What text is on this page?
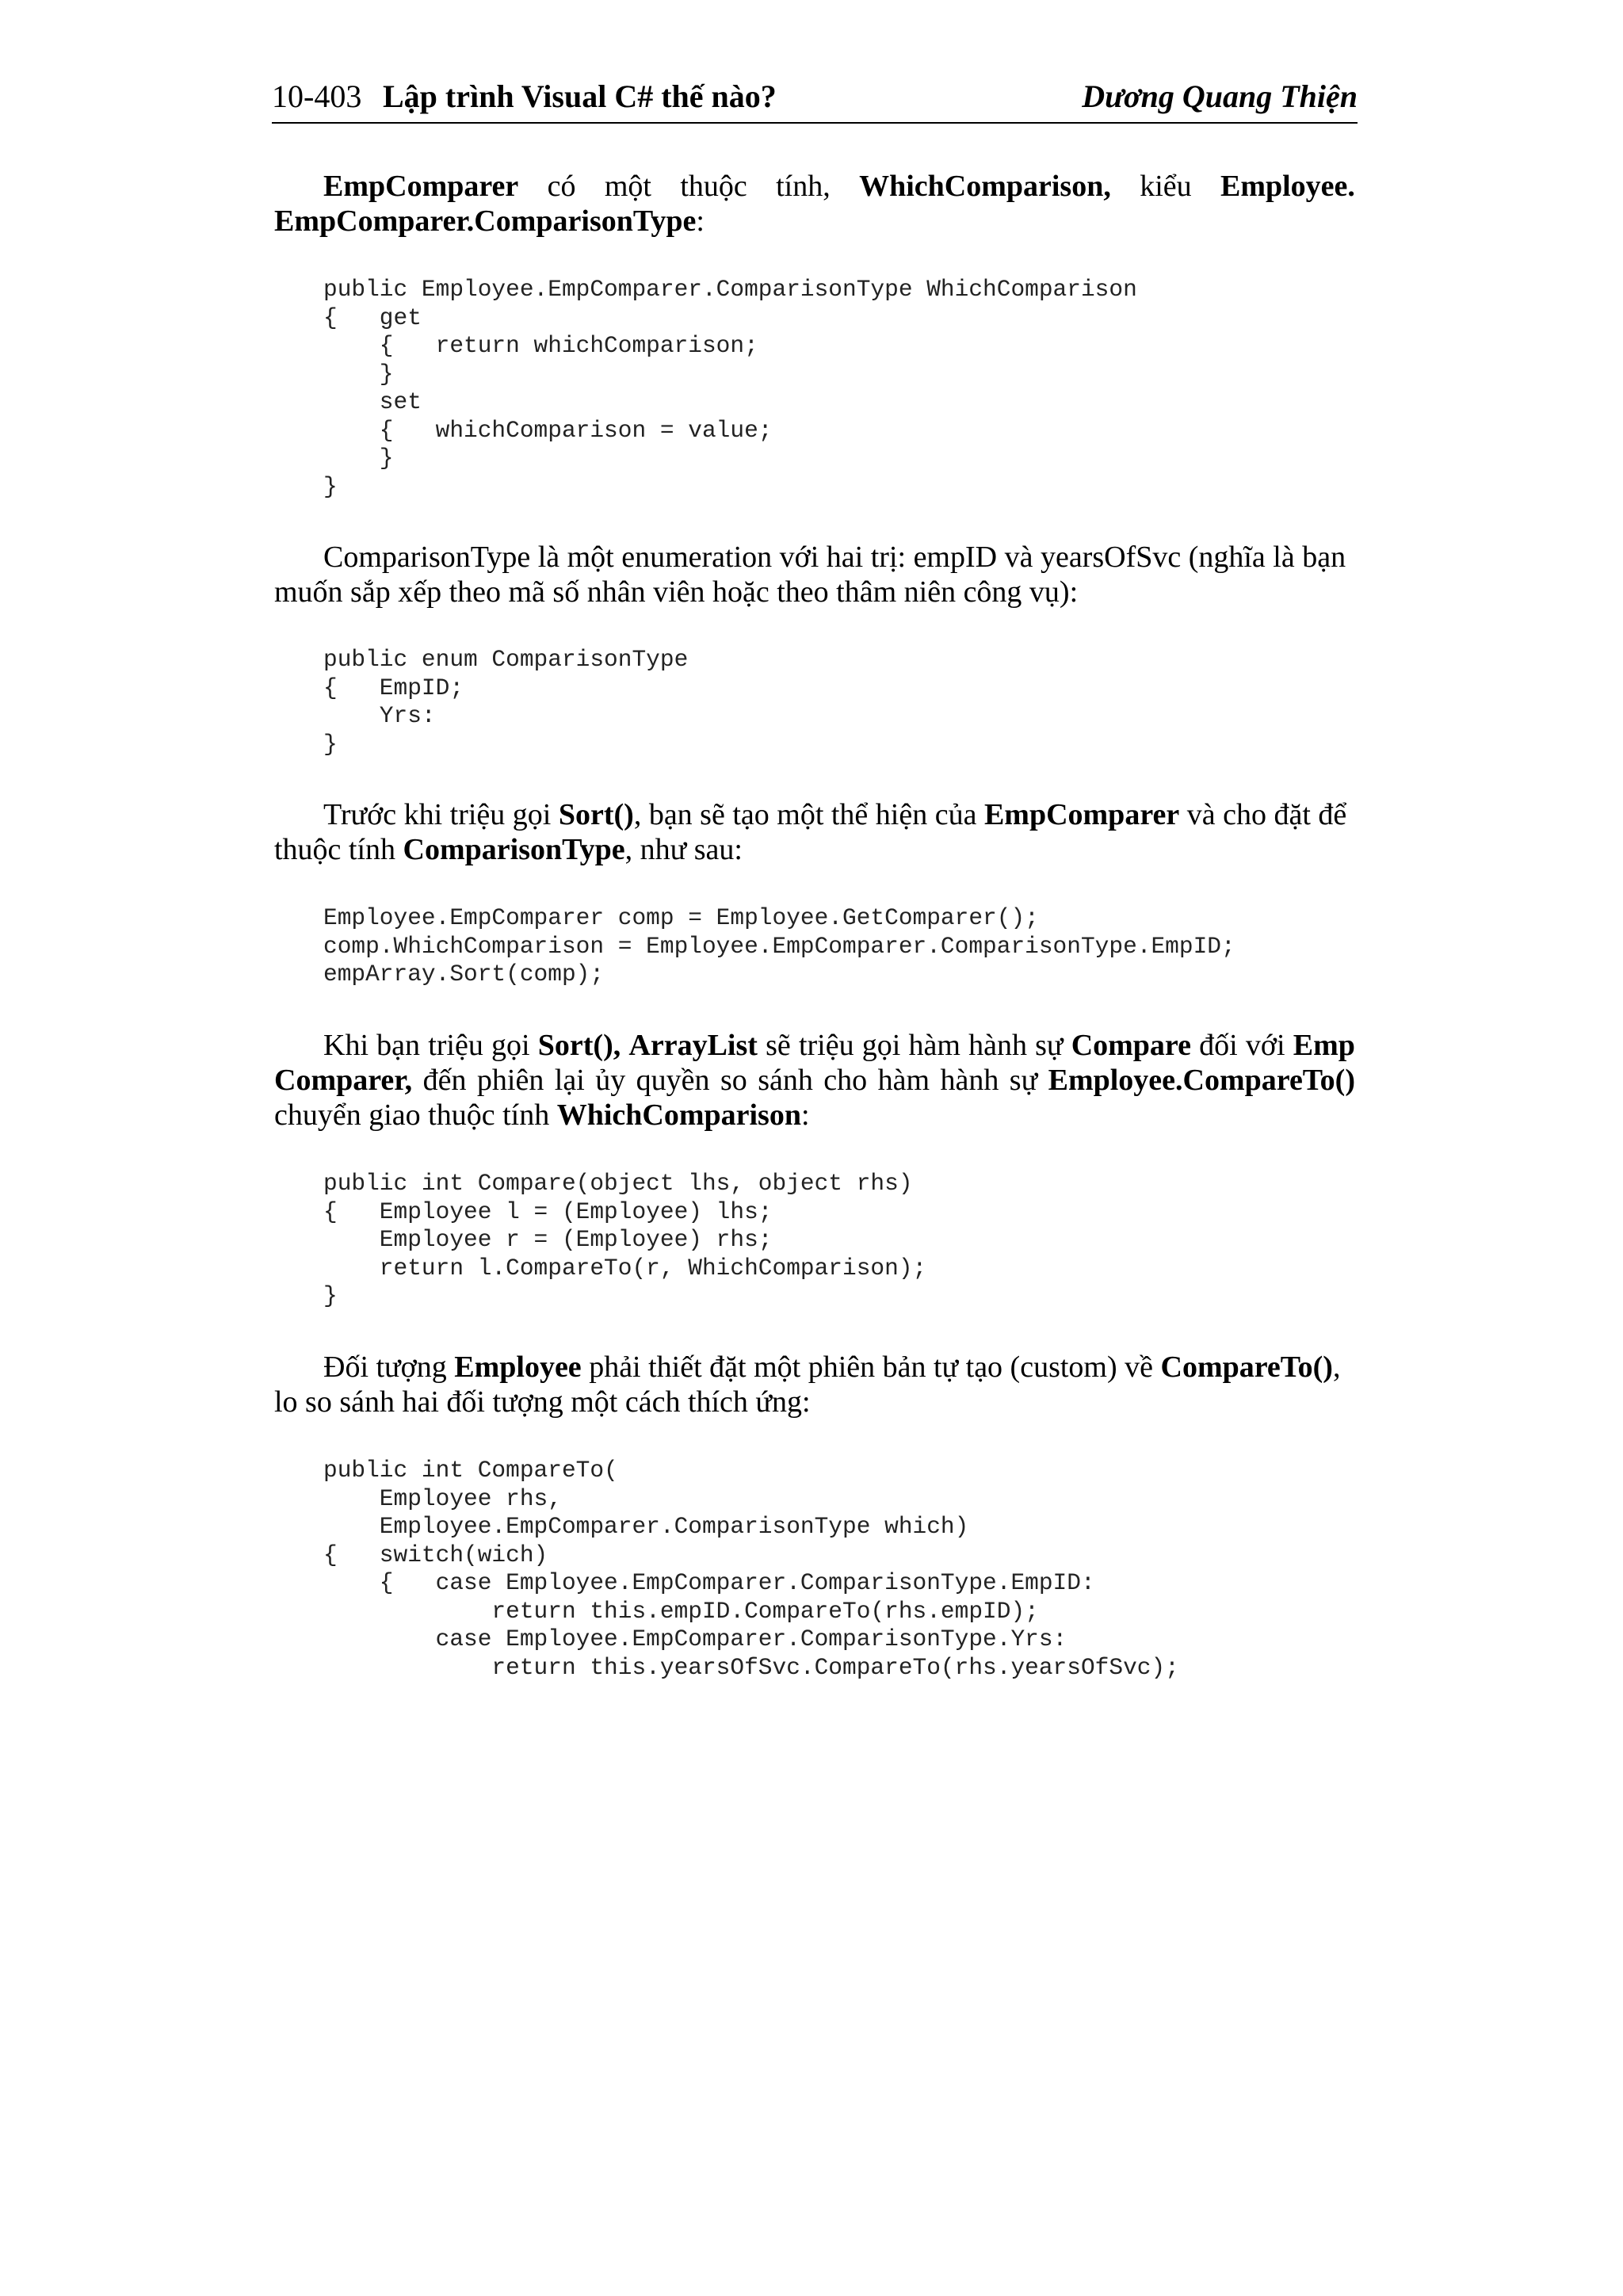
10-403 Lập trình Visual C# thế nào?	Dương Quang Thiện
EmpComparer có một thuộc tính, WhichComparison, kiểu Employee.
EmpComparer.ComparisonType:
public Employee.EmpComparer.ComparisonType WhichComparison
{   get
{   return whichComparison;
}
set
{   whichComparison = value;
}
}
ComparisonType là một enumeration với hai trị: empID và yearsOfSvc (nghĩa là bạn
muốn sắp xếp theo mã số nhân viên hoặc theo thâm niên công vụ):
public enum ComparisonType
{   EmpID;
Yrs:
}
Trước khi triệu gọi Sort(), bạn sẽ tạo một thể hiện của EmpComparer và cho đặt để
thuộc tính ComparisonType, như sau:
Employee.EmpComparer comp = Employee.GetComparer();
comp.WhichComparison = Employee.EmpComparer.ComparisonType.EmpID;
empArray.Sort(comp);
Khi bạn triệu gọi Sort(), ArrayList sẽ triệu gọi hàm hành sự Compare đối với Emp
Comparer, đến phiên lại ủy quyền so sánh cho hàm hành sự Employee.CompareTo()
chuyển giao thuộc tính WhichComparison:
public int Compare(object lhs, object rhs)
{   Employee l = (Employee) lhs;
Employee r = (Employee) rhs;
return l.CompareTo(r, WhichComparison);
}
Đối tượng Employee phải thiết đặt một phiên bản tự tạo (custom) về CompareTo(),
lo so sánh hai đối tượng một cách thích ứng:
public int CompareTo(
Employee rhs,
Employee.EmpComparer.ComparisonType which)
{   switch(wich)
{   case Employee.EmpComparer.ComparisonType.EmpID:
return this.empID.CompareTo(rhs.empID);
case Employee.EmpComparer.ComparisonType.Yrs:
return this.yearsOfSvc.CompareTo(rhs.yearsOfSvc);
